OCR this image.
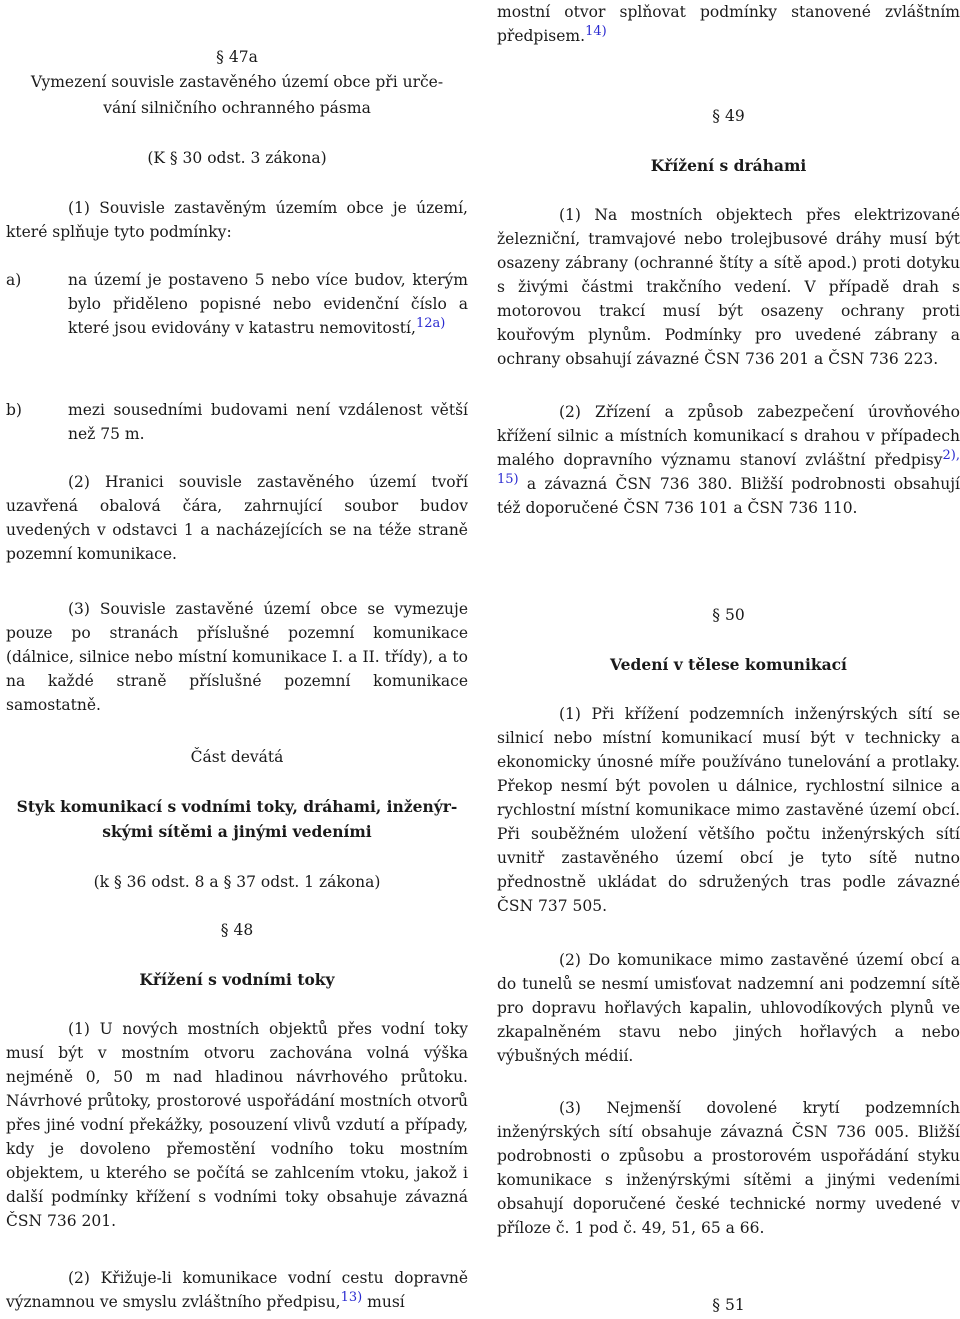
§ 47a
Vymezení souvisle zastavěného území obce při urče-
vání silničního ochranného pásma
(K § 30 odst. 3 zákona)

(1) Souvisle zastavěným územím obce je území, které splňuje tyto podmínky:

a)	na území je postaveno 5 nebo více budov, kterým bylo přiděleno popisné nebo evidenční číslo a které jsou evidovány v katastru nemovitostí,$^{12a)}$
b)	mezi sousedními budovami není vzdálenost větší než 75 m.

(2) Hranici souvisle zastavěného území tvoří uzavřená obalová čára, zahrnující soubor budov uvedených v odstavci 1 a nacházejících se na téže straně pozemní komunikace.

(3) Souvisle zastavěné území obce se vymezuje pouze po stranách příslušné pozemní komunikace (dálnice, silnice nebo místní komunikace I. a II. třídy), a to na každé straně příslušné pozemní komunikace samostatně.

Část devátá
Styk komunikací s vodními toky, dráhami, inženýr-
skými sítěmi a jinými vedeními
(k § 36 odst. 8 a § 37 odst. 1 zákona)
§ 48
Křížení s vodními toky

(1) U nových mostních objektů přes vodní toky musí být v mostním otvoru zachována volná výška nejméně 0, 50 m nad hladinou návrhového průtoku. Návrhové průtoky, prostorové uspořádání mostních otvorů přes jiné vodní překážky, posouzení vlivů vzdutí a případy, kdy je dovoleno přemostění vodního toku mostním objektem, u kterého se počítá se zahlcením vtoku, jakož i další podmínky křížení s vodními toky obsahuje závazná ČSN 736 201.

(2) Křižuje-li komunikace vodní cestu dopravně významnou ve smyslu zvláštního předpisu,$^{13)}$ musí

mostní otvor splňovat podmínky stanovené zvláštním předpisem.$^{14)}$

§ 49
Křížení s dráhami

(1) Na mostních objektech přes elektrizované železniční, tramvajové nebo trolejbusové dráhy musí být osazeny zábrany (ochranné štíty a sítě apod.) proti dotyku s živými částmi trakčního vedení. V případě drah s motorovou trakcí musí být osazeny ochrany proti kouřovým plynům. Podmínky pro uvedené zábrany a ochrany obsahují závazné ČSN 736 201 a ČSN 736 223.

(2) Zřízení a způsob zabezpečení úrovňového křížení silnic a místních komunikací s drahou v případech malého dopravního významu stanoví zvláštní předpisy$^{2), 15)}$ a závazná ČSN 736 380. Bližší podrobnosti obsahují též doporučené ČSN 736 101 a ČSN 736 110.

§ 50
Vedení v tělese komunikací

(1) Při křížení podzemních inženýrských sítí se silnicí nebo místní komunikací musí být v technicky a ekonomicky únosné míře používáno tunelování a protlaky. Překop nesmí být povolen u dálnice, rychlostní silnice a rychlostní místní komunikace mimo zastavěné území obcí. Při souběžném uložení většího počtu inženýrských sítí uvnitř zastavěného území obcí je tyto sítě nutno přednostně ukládat do sdružených tras podle závazné ČSN 737 505.

(2) Do komunikace mimo zastavěné území obcí a do tunelů se nesmí umisťovat nadzemní ani podzemní sítě pro dopravu hořlavých kapalin, uhlovodíkových plynů ve zkapalněném stavu nebo jiných hořlavých a nebo výbušných médií.

(3) Nejmenší dovolené krytí podzemních inženýrských sítí obsahuje závazná ČSN 736 005. Bližší podrobnosti o způsobu a prostorovém uspořádání styku komunikace s inženýrskými sítěmi a jinými vedeními obsahují doporučené české technické normy uvedené v příloze č. 1 pod č. 49, 51, 65 a 66.

§ 51
